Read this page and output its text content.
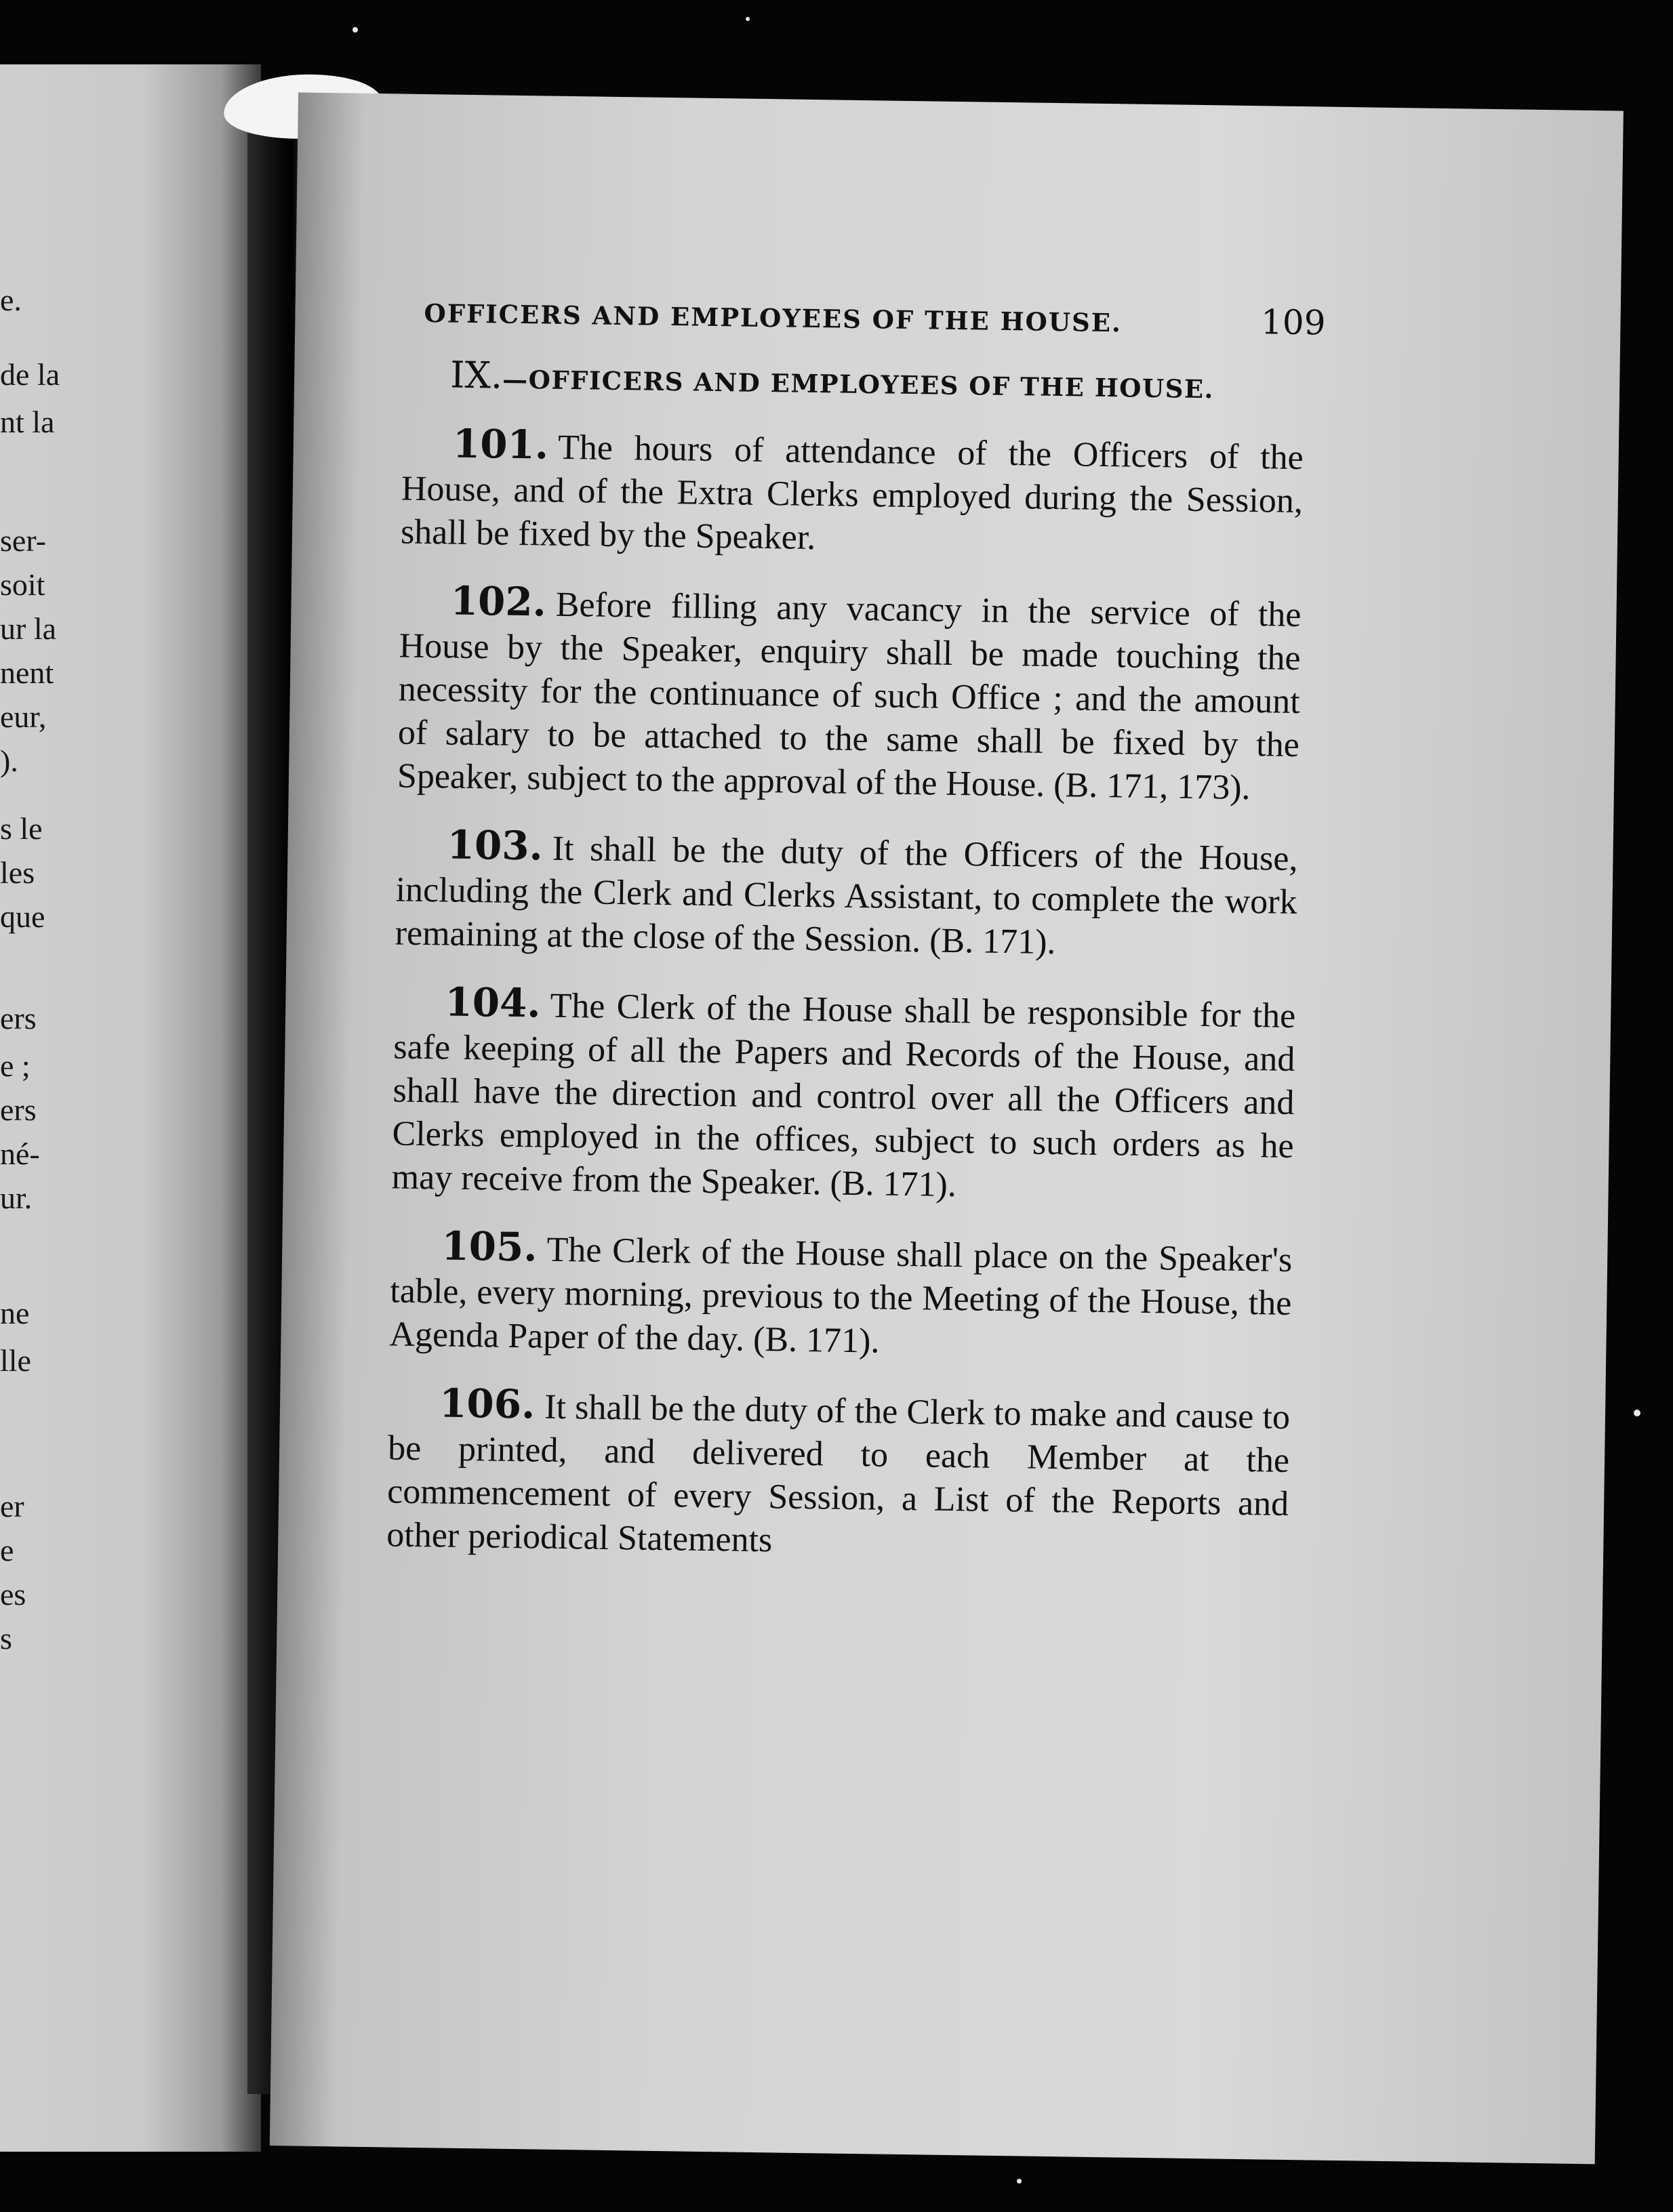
e.
de la
nt la
ser-
soit
ur la
nent
eur,
).
s le
les
que
ers
e ;
ers
né-
ur.
ne
lle
er
e
es
s
OFFICERS AND EMPLOYEES OF THE HOUSE.	109
IX.—OFFICERS AND EMPLOYEES OF THE HOUSE.

101. The hours of attendance of the Officers of the House, and of the Extra Clerks employed during the Session, shall be fixed by the Speaker.

102. Before filling any vacancy in the service of the House by the Speaker, enquiry shall be made touching the necessity for the continuance of such Office ; and the amount of salary to be attached to the same shall be fixed by the Speaker, subject to the approval of the House. (B. 171, 173).

103. It shall be the duty of the Officers of the House, including the Clerk and Clerks Assistant, to complete the work remaining at the close of the Session. (B. 171).

104. The Clerk of the House shall be responsible for the safe keeping of all the Papers and Records of the House, and shall have the direction and control over all the Officers and Clerks employed in the offices, subject to such orders as he may receive from the Speaker. (B. 171).

105. The Clerk of the House shall place on the Speaker's table, every morning, previous to the Meeting of the House, the Agenda Paper of the day. (B. 171).

106. It shall be the duty of the Clerk to make and cause to be printed, and delivered to each Member at the commencement of every Session, a List of the Reports and other periodical Statements
